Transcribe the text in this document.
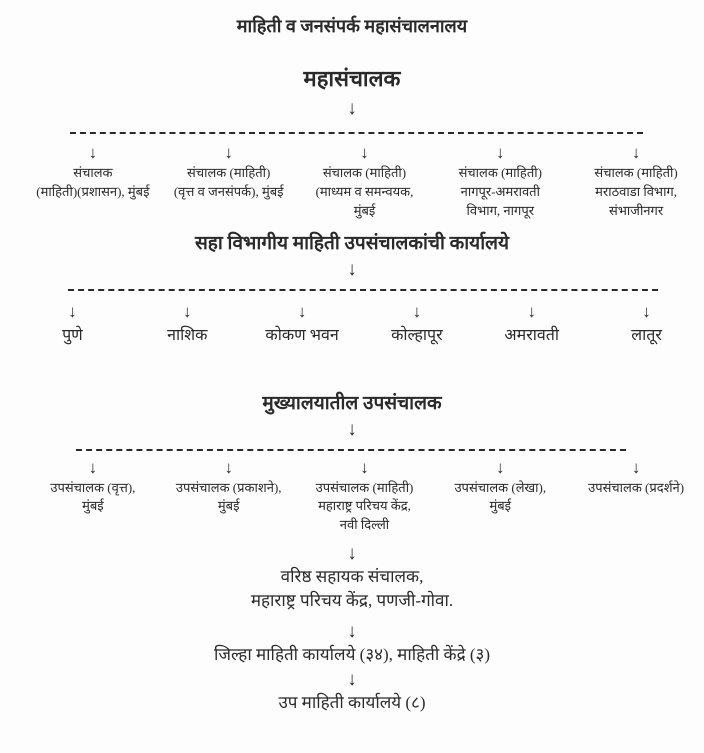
माहिती व जनसंपर्क महासंचालनालय
महासंचालक
↓
↓
संचालक
(माहिती)(प्रशासन), मुंबई
↓
संचालक (माहिती)
(वृत्त व जनसंपर्क), मुंबई
↓
संचालक (माहिती)
(माध्यम व समन्वयक,
मुंबई
↓
संचालक (माहिती)
नागपूर-अमरावती
विभाग, नागपूर
↓
संचालक (माहिती)
मराठवाडा विभाग,
संभाजीनगर
सहा विभागीय माहिती उपसंचालकांची कार्यालये
↓
↓
पुणे
↓
नाशिक
↓
कोकण भवन
↓
कोल्हापूर
↓
अमरावती
↓
लातूर
मुख्यालयातील उपसंचालक
↓
↓
उपसंचालक (वृत्त),
मुंबई
↓
उपसंचालक (प्रकाशने),
मुंबई
↓
उपसंचालक (माहिती)
महाराष्ट्र परिचय केंद्र,
नवी दिल्ली
↓
उपसंचालक (लेखा),
मुंबई
↓
उपसंचालक (प्रदर्शने)
↓
वरिष्ठ सहायक संचालक,
महाराष्ट्र परिचय केंद्र, पणजी-गोवा.
↓
जिल्हा माहिती कार्यालये (३४), माहिती केंद्रे (३)
↓
उप माहिती कार्यालये (८)
